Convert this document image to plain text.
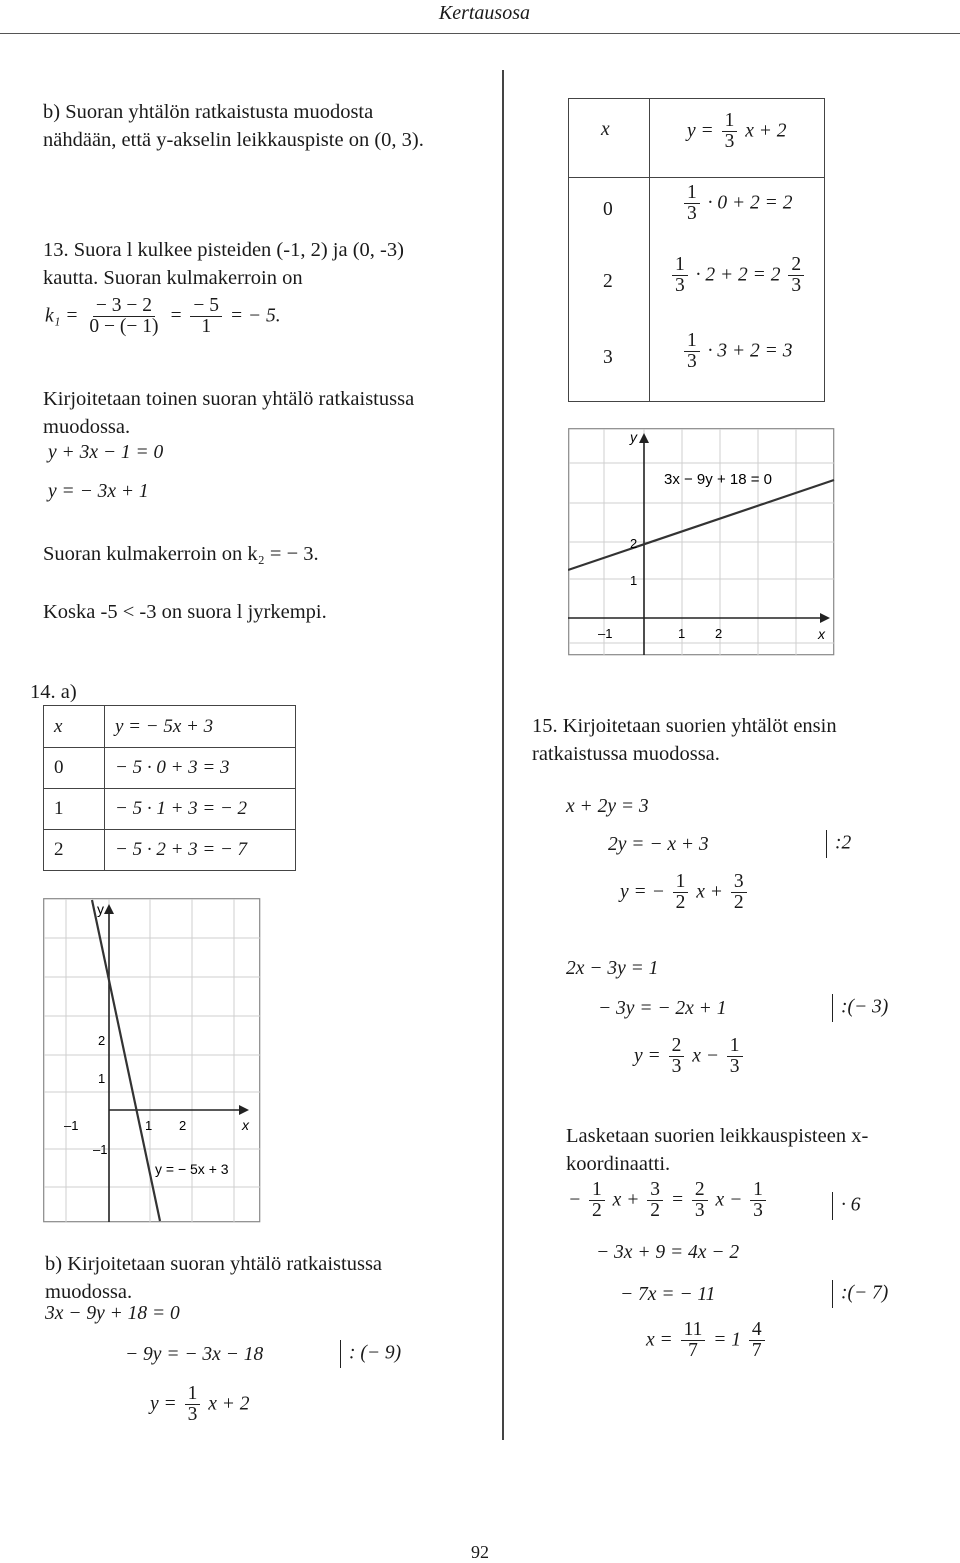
Kertausosa
b) Suoran yhtälön ratkaistusta muodosta nähdään, että y-akselin leikkauspiste on (0, 3).
13. Suora l kulkee pisteiden (-1, 2) ja (0, -3) kautta. Suoran kulmakerroin on
$k_1 = \frac{- 3 - 2}{0 - (- 1)} = \frac{- 5}{1}$ = − 5.
Kirjoitetaan toinen suoran yhtälö ratkaistussa muodossa.
y + 3x − 1 = 0
y = − 3x + 1
Suoran kulmakerroin on k₂ = − 3.
Koska -5 < -3 on suora l jyrkempi.
14. a)
x	y = − 5x + 3
0	− 5 · 0 + 3 = 3
1	− 5 · 1 + 3 = − 2
2	− 5 · 2 + 3 = − 7
y
x
–1	1 2
2
1
–1
y = − 5x + 3
b) Kirjoitetaan suoran yhtälö ratkaistussa muodossa.
3x − 9y + 18 = 0
− 9y = − 3x − 18	: (− 9)
$y = \frac{1}{3}$ x + 2
x	$y = \frac{1}{3}$ x + 2
0	$\frac{1}{3} \cdot 0 + 2 = 2$
2	$\frac{1}{3} \cdot 2 + 2 = 2 \frac{2}{3}$
3	$\frac{1}{3} \cdot 3 + 2 = 3$
y
x
–1	1 2
2
1
3x − 9y + 18 = 0
15. Kirjoitetaan suorien yhtälöt ensin ratkaistussa muodossa.
x + 2y = 3
2y = − x + 3	:2
y = − $\frac{1}{2}$ $x + \frac{3}{2}$
2x − 3y = 1
− 3y = − 2x + 1	:(− 3)
$y = \frac{2}{3}$ $x - \frac{1}{3}$
Lasketaan suorien leikkauspisteen x-koordinaatti.
− $\frac{1}{2}$ $x + \frac{3}{2} = \frac{2}{3}$ $x - \frac{1}{3}$	· 6
− 3x + 9 = 4x − 2
− 7x = − 11	:(− 7)
$x = \frac{11}{7} = 1 \frac{4}{7}$
92
